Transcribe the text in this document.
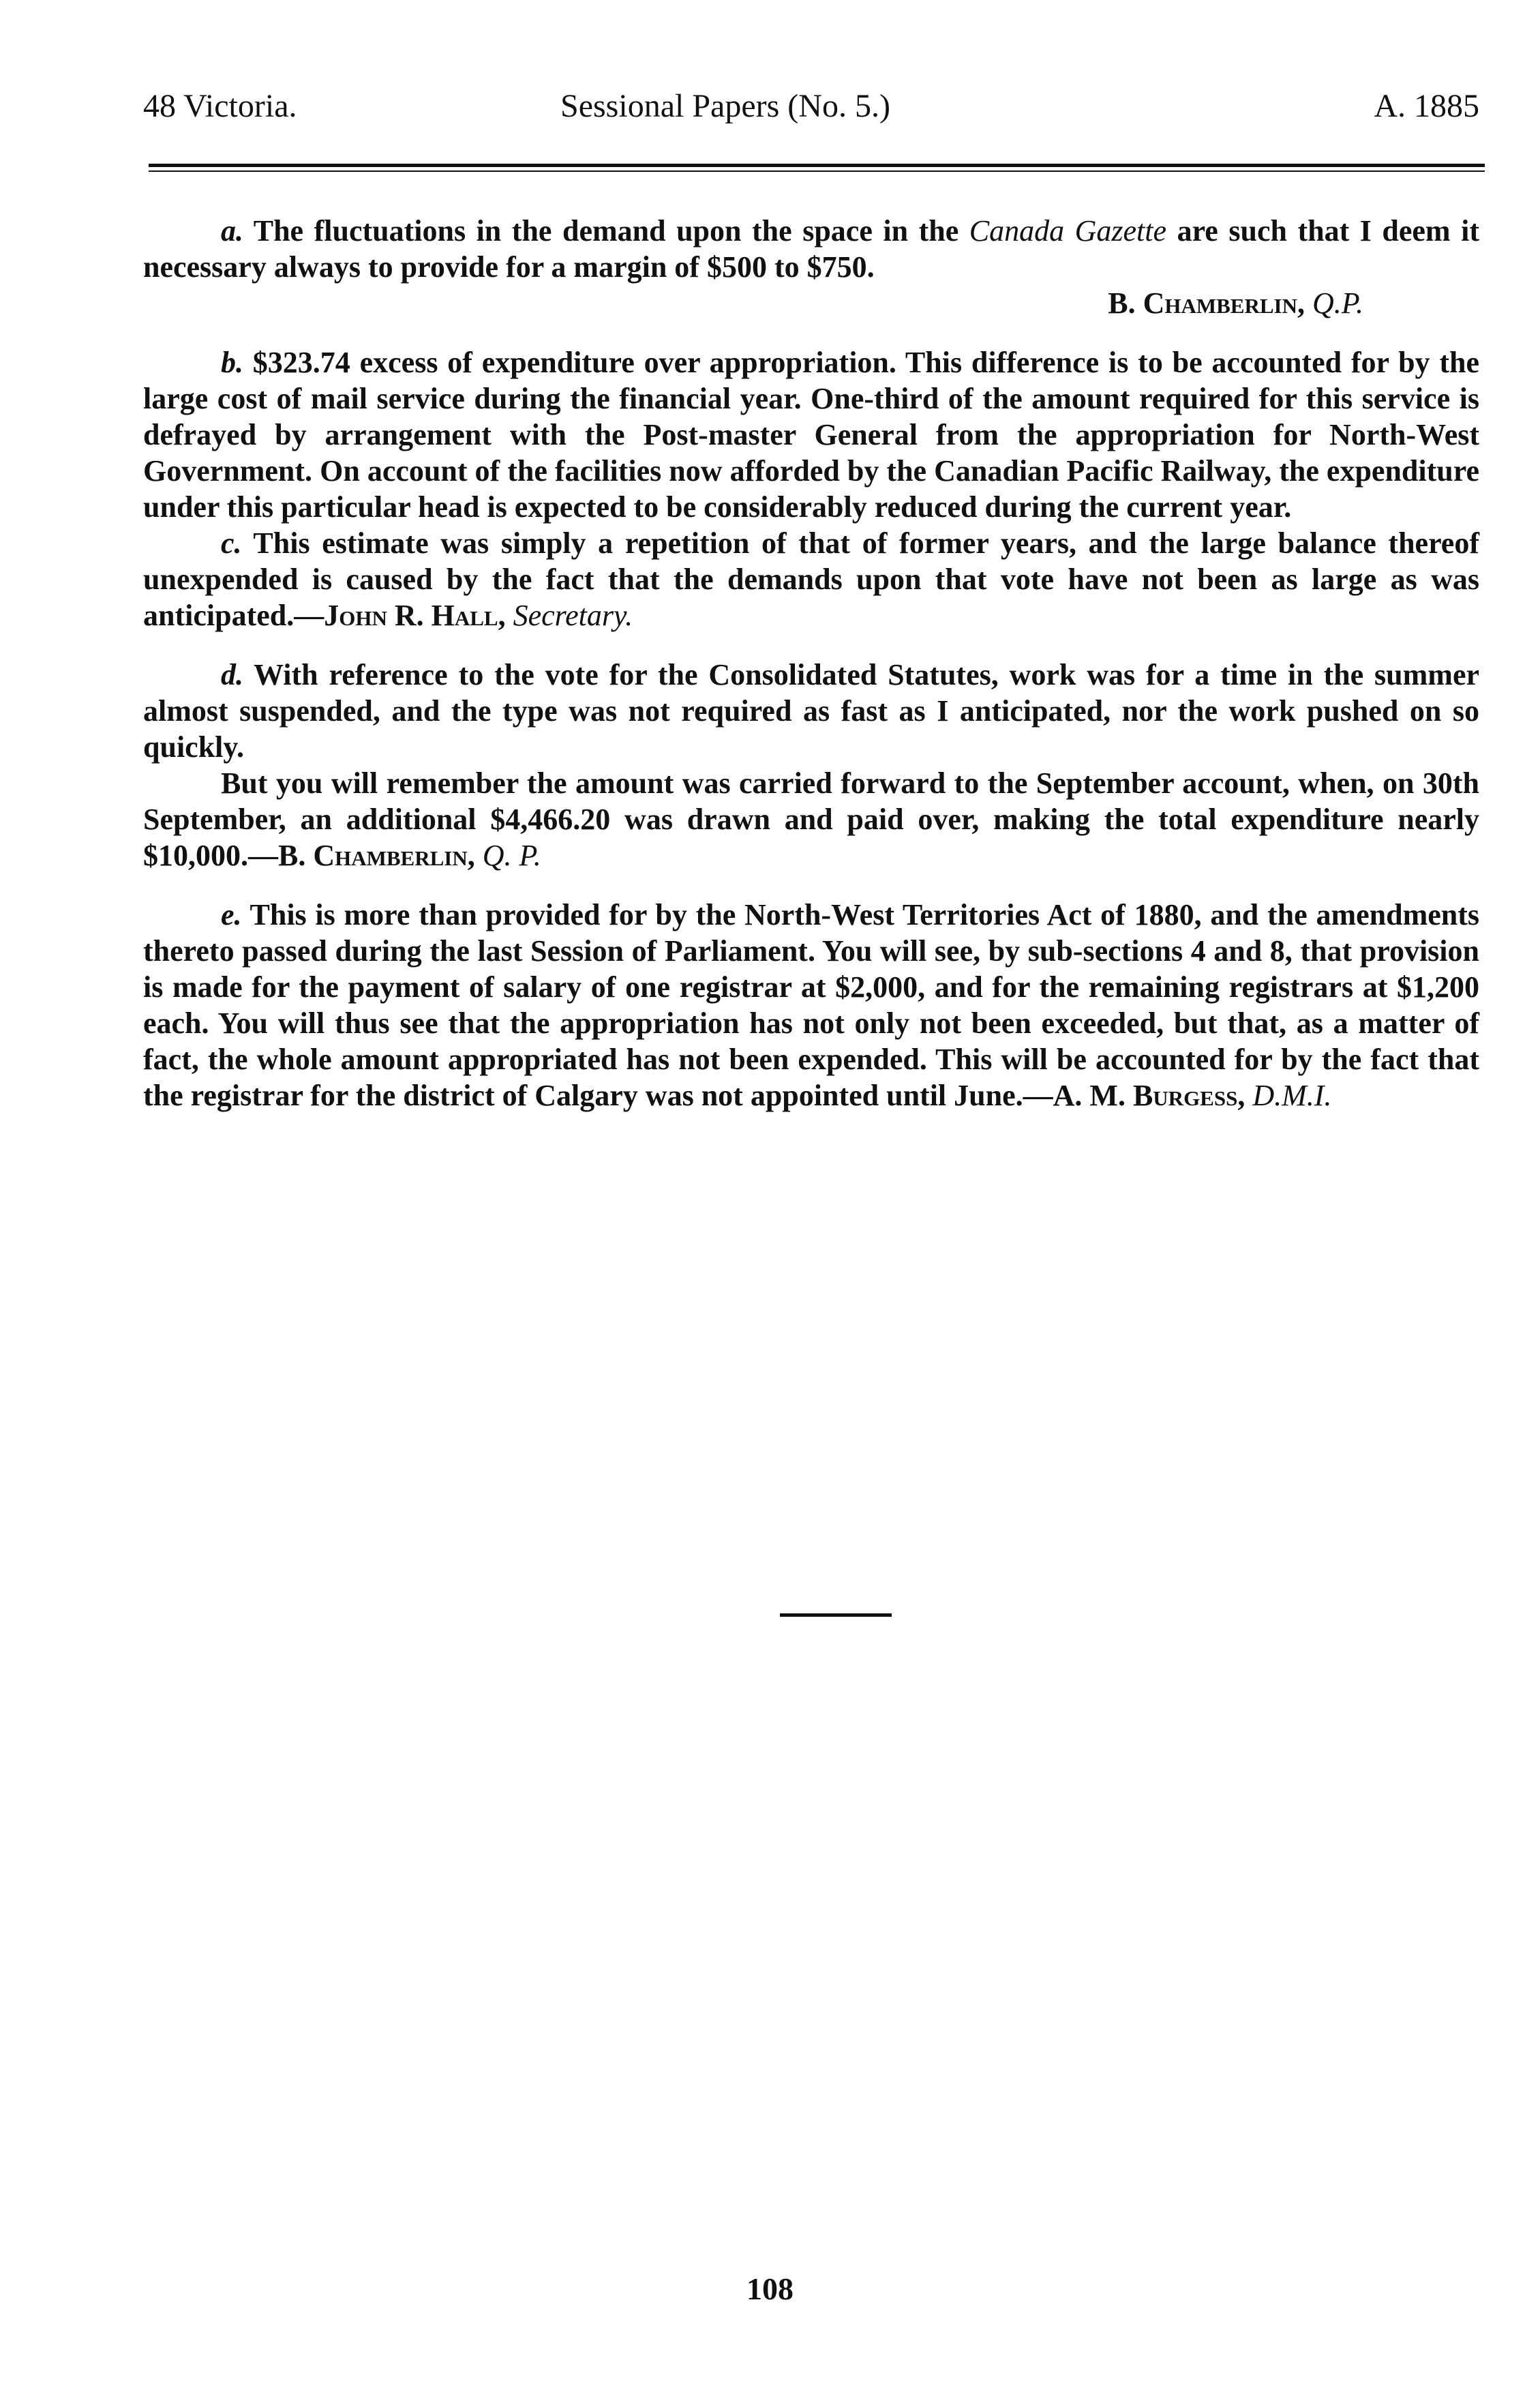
48 Victoria.	Sessional Papers (No. 5.)	A. 1885

a. The fluctuations in the demand upon the space in the Canada Gazette are such that I deem it necessary always to provide for a margin of $500 to $750.

B. Chamberlin, Q.P.

b. $323.74 excess of expenditure over appropriation. This difference is to be accounted for by the large cost of mail service during the financial year. One-third of the amount required for this service is defrayed by arrangement with the Post-master General from the appropriation for North-West Government. On account of the facilities now afforded by the Canadian Pacific Railway, the expenditure under this particular head is expected to be considerably reduced during the current year.

c. This estimate was simply a repetition of that of former years, and the large balance thereof unexpended is caused by the fact that the demands upon that vote have not been as large as was anticipated.—John R. Hall, Secretary.

d. With reference to the vote for the Consolidated Statutes, work was for a time in the summer almost suspended, and the type was not required as fast as I anticipated, nor the work pushed on so quickly.

But you will remember the amount was carried forward to the September account, when, on 30th September, an additional $4,466.20 was drawn and paid over, making the total expenditure nearly $10,000.—B. Chamberlin, Q. P.

e. This is more than provided for by the North-West Territories Act of 1880, and the amendments thereto passed during the last Session of Parliament. You will see, by sub-sections 4 and 8, that provision is made for the payment of salary of one registrar at $2,000, and for the remaining registrars at $1,200 each. You will thus see that the appropriation has not only not been exceeded, but that, as a matter of fact, the whole amount appropriated has not been expended. This will be accounted for by the fact that the registrar for the district of Calgary was not appointed until June.—A. M. Burgess, D.M.I.

108
